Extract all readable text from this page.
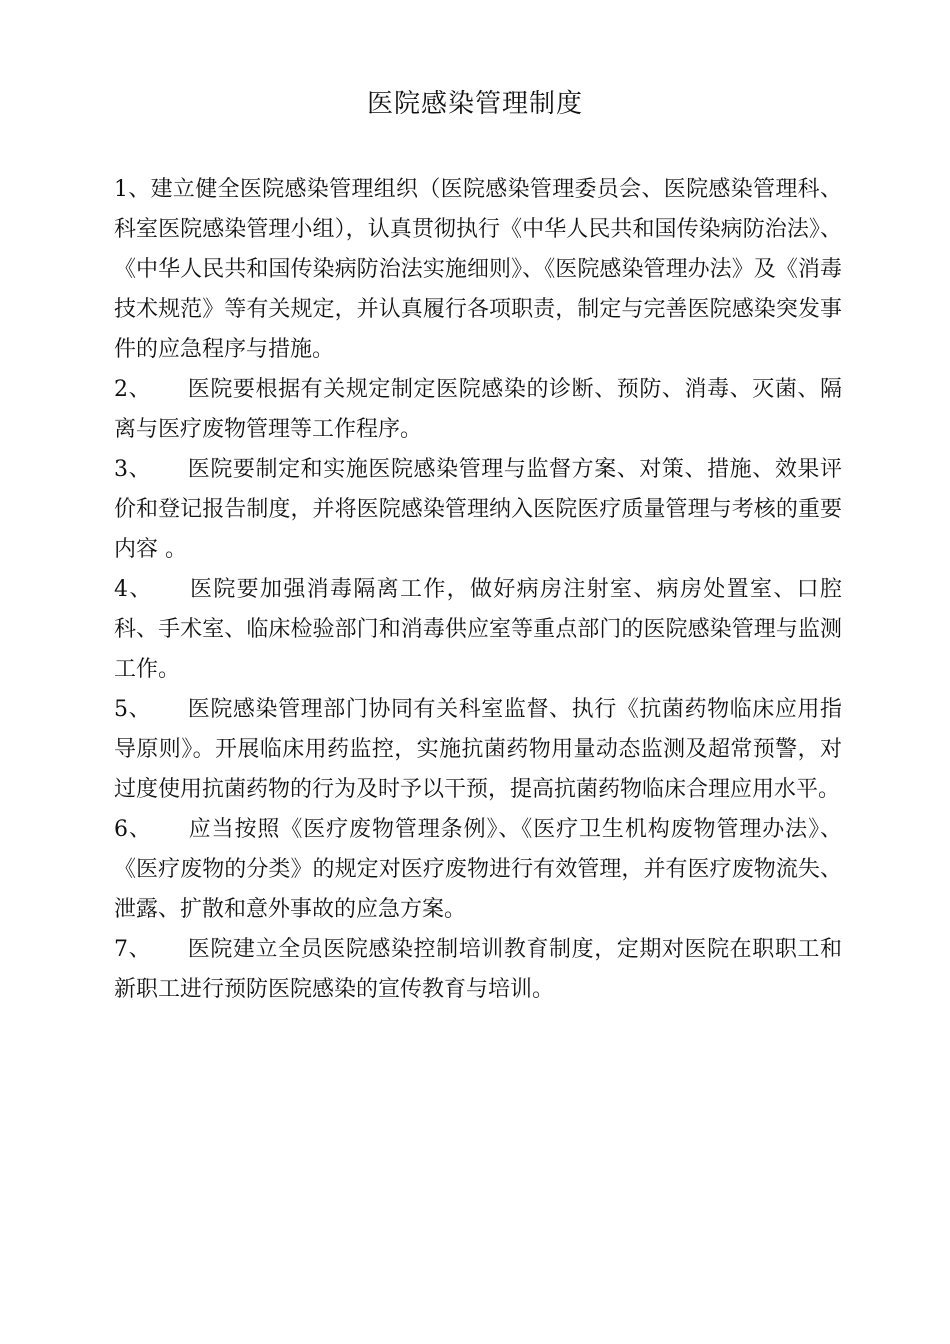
医院感染管理制度

1、建立健全医院感染管理组织（医院感染管理委员会、医院感染管理科、科室医院感染管理小组），认真贯彻执行《中华人民共和国传染病防治法》、《中华人民共和国传染病防治法实施细则》、《医院感染管理办法》及《消毒技术规范》等有关规定，并认真履行各项职责，制定与完善医院感染突发事件的应急程序与措施。

2、 医院要根据有关规定制定医院感染的诊断、预防、消毒、灭菌、隔离与医疗废物管理等工作程序。

3、 医院要制定和实施医院感染管理与监督方案、对策、措施、效果评价和登记报告制度，并将医院感染管理纳入医院医疗质量管理与考核的重要内容 。

4、 医院要加强消毒隔离工作，做好病房注射室、病房处置室、口腔科、手术室、临床检验部门和消毒供应室等重点部门的医院感染管理与监测工作。

5、 医院感染管理部门协同有关科室监督、执行《抗菌药物临床应用指导原则》。开展临床用药监控，实施抗菌药物用量动态监测及超常预警，对过度使用抗菌药物的行为及时予以干预，提高抗菌药物临床合理应用水平。

6、 应当按照《医疗废物管理条例》、《医疗卫生机构废物管理办法》、《医疗废物的分类》的规定对医疗废物进行有效管理，并有医疗废物流失、泄露、扩散和意外事故的应急方案。

7、 医院建立全员医院感染控制培训教育制度，定期对医院在职职工和新职工进行预防医院感染的宣传教育与培训。
